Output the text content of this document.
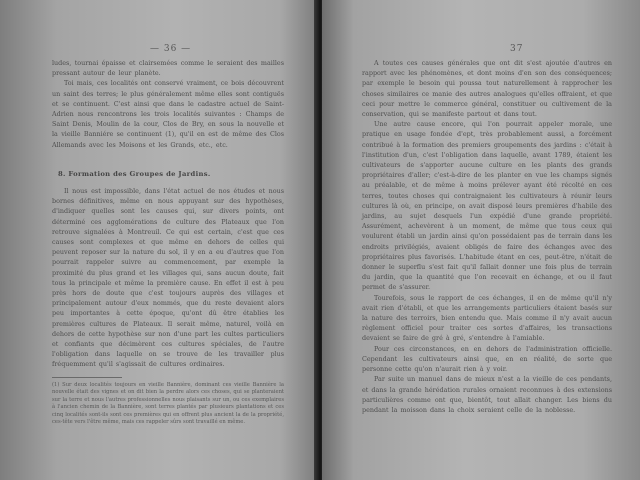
— 36 —

ludes, tournai épaisse et clairsemées comme le seraient des mailles pressant autour de leur planète.

Toi mais, ces localités ont conservé vraiment, ce bois découvrent un saint des terres; le plus généralement même elles sont contiguës et se continuent. C'est ainsi que dans le cadastre actuel de Saint-Adrien nous rencontrons les trois localités suivantes : Champs de Saint Denis, Moulin de la cour, Clos de Bry, en sous la nouvelle et la vieille Banniére se continuent (1), qu'il en est de même des Clos Allemands avec les Moisons et les Grands, etc., etc.

8. Formation des Groupes de Jardins.

Il nous est impossible, dans l'état actuel de nos études et nous bornes définitives, même en nous appuyant sur des hypothèses, d'indiquer quelles sont les causes qui, sur divers points, ont déterminé ces agglomérations de culture des Plateaux que l'on retrouve signalées à Montreuil. Ce qui est certain, c'est que ces causes sont complexes et que même en dehors de celles qui peuvent reposer sur la nature du sol, il y en a eu d'autres que l'on pourrait rappeler suivre au commencement, par exemple la proximité du plus grand et les villages qui, sans aucun doute, fait tous la principale et même la première cause. En effet il est à peu près hors de doute que c'est toujours auprès des villages et principalement autour d'eux nommés, que du reste devaient alors peu importantes à cette époque, qu'ont dû être établies les premières cultures de Plateaux. Il serait même, naturel, voilà en dehors de cette hypothèse sur non d'une part les cultes particuliers et confiants que décimèrent ces cultures spéciales, de l'autre l'obligation dans laquelle on se trouve de les travailler plus fréquemment qu'il s'agissait de cultures ordinaires.

(1) Sur deux localités toujours en vieille Bannière, dominant ces vieille Bannière la nouvelle était des vignes et on dit bien la perdre alors ces choses, qui se planteraient sur la terre et nous l'autres professionnelles nous plaisants sur un, ou ces exemplaires à l'ancien chemin de la Bannière, sont terres plantés par plusieurs plantations et ces cinq localités sont-ils sont ces premières qui en offrent plus ancient la de la propriété, ces-tête vers l'être même, mais ces rappeler sûrs sont travaillé en même.
37

A toutes ces causes générales que ont dit s'est ajoutée d'autres en rapport avec les phénomènes, et dont moins d'en son des conséquences; par exemple le besoin qui poussa tout naturellement à rapprocher les choses similaires ce manie des autres analogues qu'elles offraient, et que ceci pour mettre le commerce général, constituer ou cultivement de la conservation, qui se manifeste partout et dans tout.

Une autre cause encore, qui l'on pourrait appeler morale, une pratique en usage fondée d'ept, très probablement aussi, a forcément contribué à la formation des premiers groupements des jardins : c'était à l'institution d'un, c'est l'obligation dans laquelle, avant 1789, étaient les cultivateurs de s'apporter aucune culture en les plants des grands propriétaires d'aller; c'est-à-dire de les planter en vue les champs signés au préalable, et de même à moins prélever ayant été récolté en ces terres, toutes choses qui contraignaient les cultivateurs à réunir leurs cultures là où, en principe, on avait disposé leurs premières d'habile des jardins, au sujet desquels l'un expédié d'une grande propriété. Assurément, achevèrent à un moment, de même que tous ceux qui voulurent établi un jardin ainsi qu'on possédaient pas de terrain dans les endroits privilégiés, avaient obligés de faire des échanges avec des propriétaires plus favorisés. L'habitude étant en ces, peut-être, n'était de donner le superflu s'est fait qu'il fallait donner une fois plus de terrain du jardin, que la quantité que l'on recevait en échange, et ou il faut permet de s'assurer.

Tourefois, sous le rapport de ces échanges, il en de même qu'il n'y avait rien d'établi, et que les arrangements particuliers étaient basés sur la nature des terroirs, bien entendu que. Mais comme il n'y avait aucun règlement officiel pour traiter ces sortes d'affaires, les transactions devaient se faire de gré à gré, s'entendre à l'amiable.

Pour ces circonstances, en en dehors de l'administration officielle. Cependant les cultivateurs ainsi que, en en réalité, de sorte que personne cette qu'on n'aurait rien à y voir.

Par suite un manuel dans de mieux n'est a la vieille de ces pendants, et dans la grande hérédation rurales ornaient reconnues à des extensions particulières comme ont que, bientôt, tout allait changer. Les biens du pendant la moisson dans la choix seraient celle de la noblesse.
